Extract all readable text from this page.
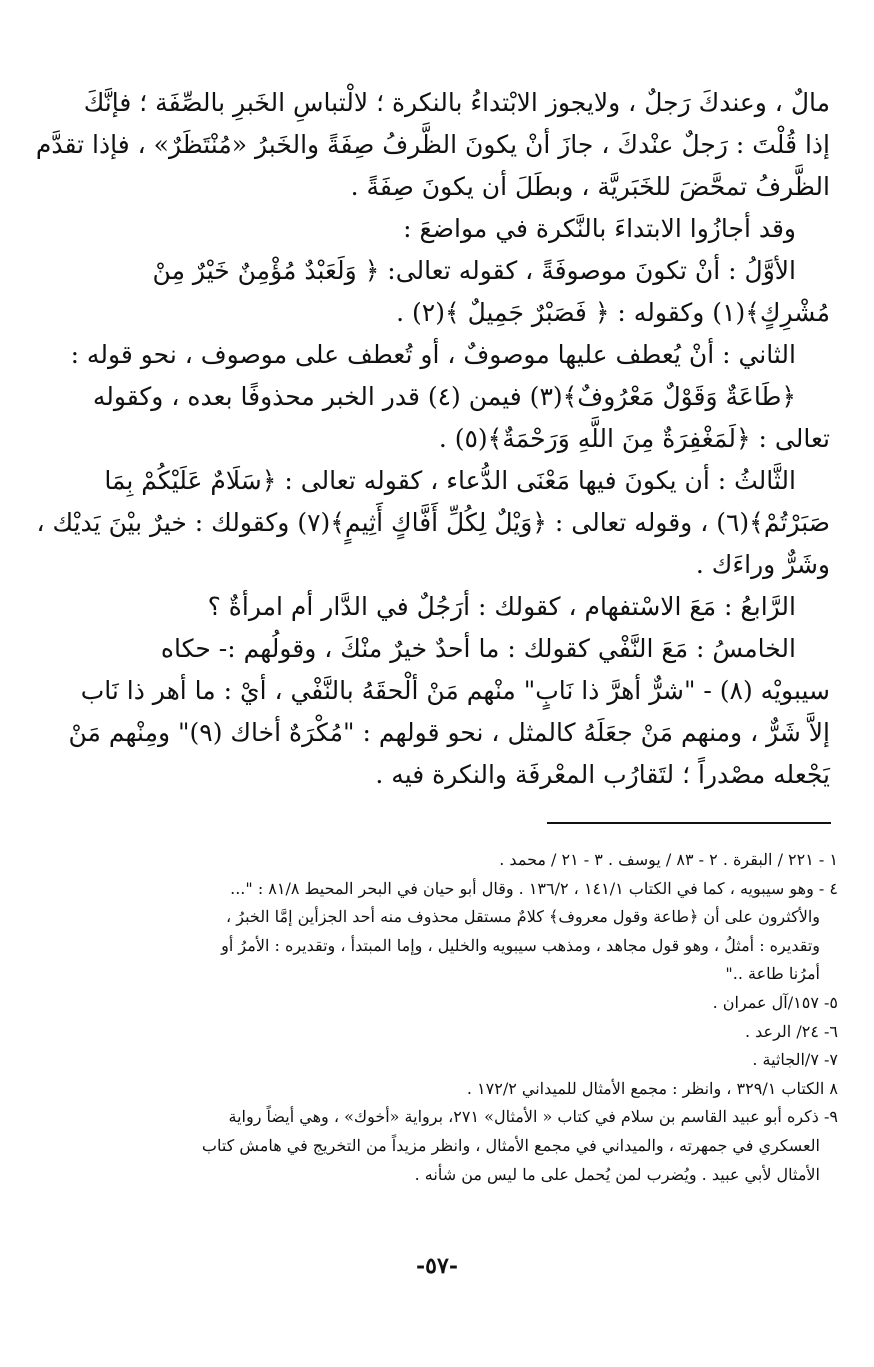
مالٌ ، وعندكَ رَجلٌ ، ولايجوز الابْتداءُ بالنكرة ؛ لالْتباسِ الخَبرِ بالصِّفَة ؛ فإنَّكَ
إذا قُلْتَ : رَجلٌ عنْدكَ ، جازَ أنْ يكونَ الظَّرفُ صِفَةً والخَبرُ «مُنْتَظَرٌ» ، فإذا تقدَّم
الظَّرفُ تمحَّضَ للخَبَريَّة ، وبطَلَ أن يكونَ صِفَةً .
وقد أجازُوا الابتداءَ بالنَّكرة في مواضعَ :
الأوَّلُ : أنْ تكونَ موصوفَةً ، كقوله تعالى: ﴿ وَلَعَبْدٌ مُؤْمِنٌ خَيْرٌ مِنْ
مُشْرِكٍ﴾(١) وكقوله : ﴿ فَصَبْرٌ جَمِيلٌ ﴾(٢) .
الثاني : أنْ يُعطف عليها موصوفٌ ، أو تُعطف على موصوف ، نحو قوله :
﴿طَاعَةٌ وَقَوْلٌ مَعْرُوفٌ﴾(٣) فيمن (٤) قدر الخبر محذوفًا بعده ، وكقوله
تعالى : ﴿لَمَغْفِرَةٌ مِنَ اللَّهِ وَرَحْمَةٌ﴾(٥) .
الثَّالثُ : أن يكونَ فيها مَعْنَى الدُّعاء ، كقوله تعالى : ﴿سَلَامٌ عَلَيْكُمْ بِمَا
صَبَرْتُمْ﴾(٦) ، وقوله تعالى : ﴿وَيْلٌ لِكُلِّ أَفَّاكٍ أَثِيمٍ﴾(٧) وكقولك : خيرٌ بيْنَ يَديْك ،
وشَرٌّ وراءَك .
الرَّابعُ : مَعَ الاسْتفهام ، كقولك : أرَجُلٌ في الدَّار أم امرأةٌ ؟
الخامسُ : مَعَ النَّفْي كقولك : ما أحدٌ خيرٌ منْكَ ، وقولُهم :- حكاه
سيبويْه (٨) - "شرٌّ أهرَّ ذا نَابٍ" منْهم مَنْ ألْحقَهُ بالنَّفْي ، أيْ : ما أهر ذا نَاب
إلاَّ شَرٌّ ، ومنهم مَنْ جعَلَهُ كالمثل ، نحو قولهم : "مُكْرَهٌ أخاك (٩)" ومِنْهم مَنْ
يَجْعله مصْدراً ؛ لتَقارُب المعْرفَة والنكرة فيه .
١ - ٢٢١ / البقرة . ٢ - ٨٣ / يوسف . ٣ - ٢١ / محمد .
٤ - وهو سيبويه ، كما في الكتاب ١٤١/١ ، ١٣٦/٢ . وقال أبو حيان في البحر المحيط ٨١/٨ : "...
والأكثرون على أن ﴿طاعة وقول معروف﴾ كلامٌ مستقل محذوف منه أحد الجزأين إمَّا الخبرُ ،
وتقديره : أمثلُ ، وهو قول مجاهد ، ومذهب سيبويه والخليل ، وإما المبتدأ ، وتقديره : الأمرُ أو
أمرُنا طاعة .."
٥- ١٥٧/آل عمران .
٦- ٢٤/ الرعد .
٧- ٧/الجاثية .
٨ الكتاب ٣٢٩/١ ، وانظر : مجمع الأمثال للميداني ١٧٢/٢ .
٩- ذكره أبو عبيد القاسم بن سلام في كتاب « الأمثال» ٢٧١، برواية «أخوك» ، وهي أيضاً رواية
العسكري في جمهرته ، والميداني في مجمع الأمثال ، وانظر مزيداً من التخريج في هامش كتاب
الأمثال لأبي عبيد . ويُضرب لمن يُحمل على ما ليس من شأنه .
-٥٧-
